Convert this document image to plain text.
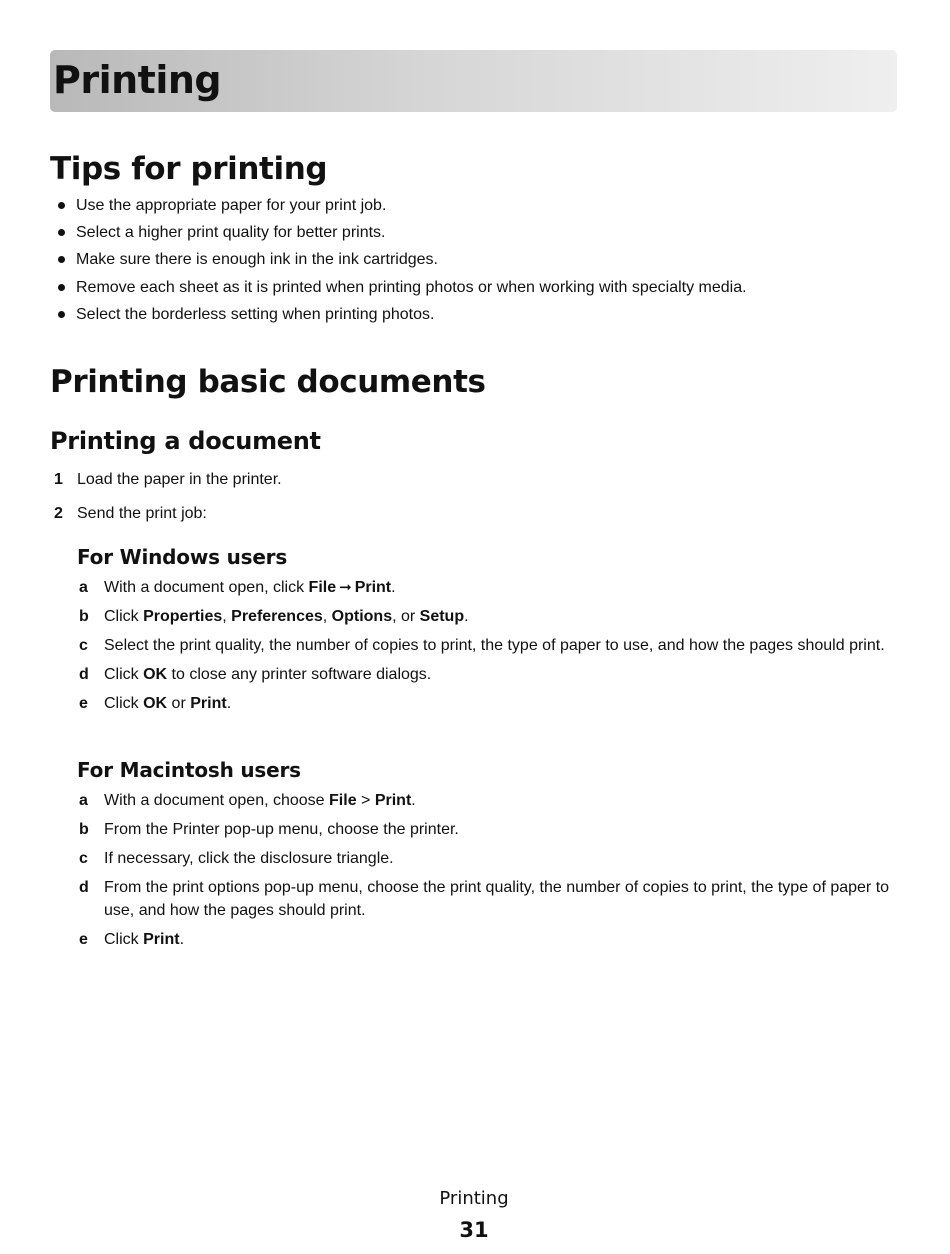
Printing
Tips for printing
Use the appropriate paper for your print job.
Select a higher print quality for better prints.
Make sure there is enough ink in the ink cartridges.
Remove each sheet as it is printed when printing photos or when working with specialty media.
Select the borderless setting when printing photos.
Printing basic documents
Printing a document
1 Load the paper in the printer.
2 Send the print job:
For Windows users
a With a document open, click File ➞ Print.
b Click Properties, Preferences, Options, or Setup.
c Select the print quality, the number of copies to print, the type of paper to use, and how the pages should print.
d Click OK to close any printer software dialogs.
e Click OK or Print.
For Macintosh users
a With a document open, choose File > Print.
b From the Printer pop-up menu, choose the printer.
c If necessary, click the disclosure triangle.
d From the print options pop-up menu, choose the print quality, the number of copies to print, the type of paper to use, and how the pages should print.
e Click Print.
Printing
31
